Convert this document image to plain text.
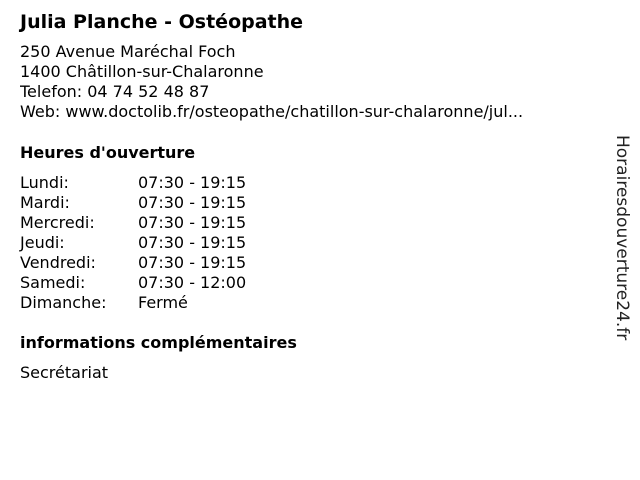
Julia Planche - Ostéopathe
250 Avenue Maréchal Foch
1400 Châtillon-sur-Chalaronne
Telefon: 04 74 52 48 87
Web: www.doctolib.fr/osteopathe/chatillon-sur-chalaronne/jul...
Heures d'ouverture
Lundi:	07:30 - 19:15
Mardi:	07:30 - 19:15
Mercredi:	07:30 - 19:15
Jeudi:	07:30 - 19:15
Vendredi:	07:30 - 19:15
Samedi:	07:30 - 12:00
Dimanche:	Fermé
informations complémentaires
Secrétariat
Horairesdouverture24.fr
